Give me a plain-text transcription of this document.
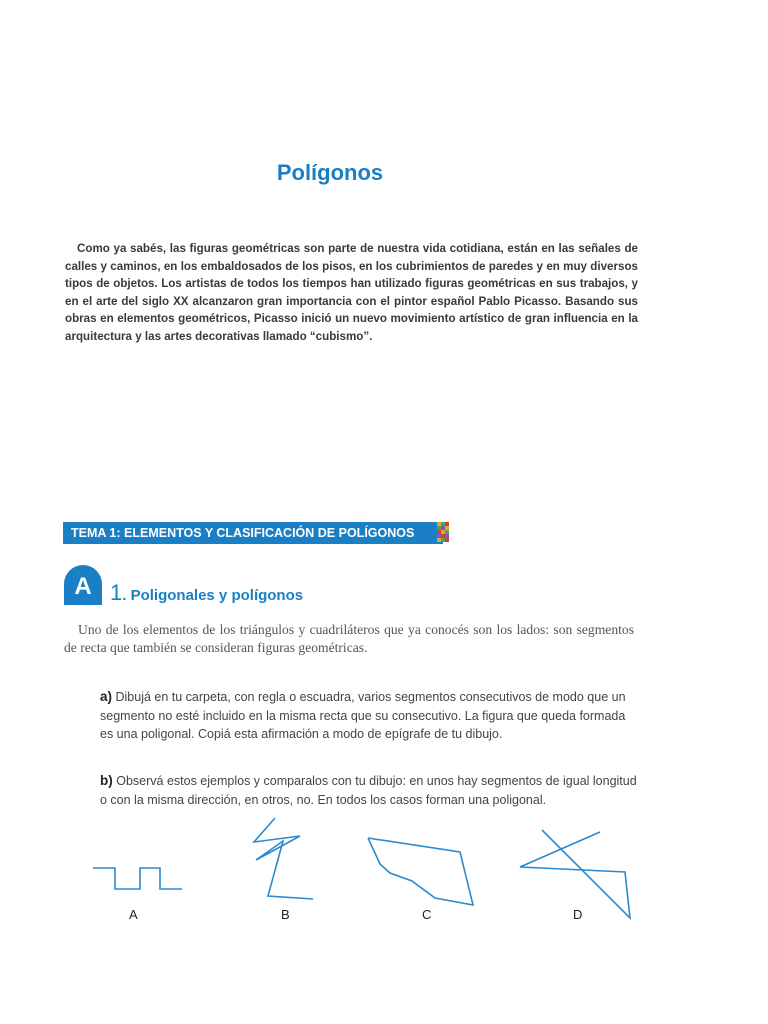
Polígonos
Como ya sabés, las figuras geométricas son parte de nuestra vida cotidiana, están en las señales de calles y caminos, en los embaldosados de los pisos, en los cubrimientos de paredes y en muy diversos tipos de objetos. Los artistas de todos los tiempos han utilizado figuras geométricas en sus trabajos, y en el arte del siglo XX alcanzaron gran importancia con el pintor español Pablo Picasso. Basando sus obras en elementos geométricos, Picasso inició un nuevo movimiento artístico de gran influencia en la arquitectura y las artes decorativas llamado “cubismo”.
TEMA 1: ELEMENTOS Y CLASIFICACIÓN DE POLÍGONOS
A 1. Poligonales y polígonos
Uno de los elementos de los triángulos y cuadriláteros que ya conocés son los lados: son segmentos de recta que también se consideran figuras geométricas.
a) Dibujá en tu carpeta, con regla o escuadra, varios segmentos consecutivos de modo que un segmento no esté incluido en la misma recta que su consecutivo. La figura que queda formada es una poligonal. Copiá esta afirmación a modo de epígrafe de tu dibujo.
b) Observá estos ejemplos y comparalos con tu dibujo: en unos hay segmentos de igual longitud o con la misma dirección, en otros, no. En todos los casos forman una poligonal.
A	B	C	D
